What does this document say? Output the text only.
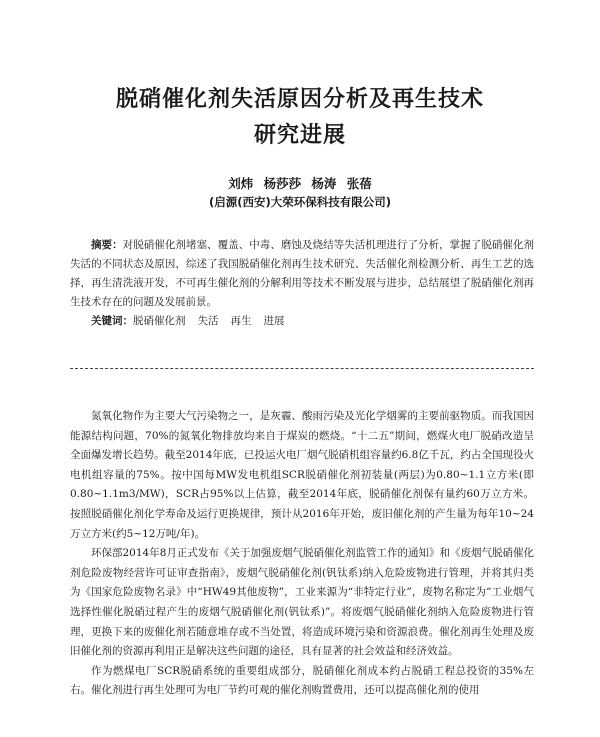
脱硝催化剂失活原因分析及再生技术
研究进展
刘炜 杨莎莎 杨涛 张蓓
(启源(西安)大荣环保科技有限公司)
摘要：对脱硝催化剂堵塞、覆盖、中毒、磨蚀及烧结等失活机理进行了分析，掌握了脱硝催化剂失活的不同状态及原因，综述了我国脱硝催化剂再生技术研究、失活催化剂检测分析、再生工艺的选择，再生清洗液开发，不可再生催化剂的分解利用等技术不断发展与进步，总结展望了脱硝催化剂再生技术存在的问题及发展前景。
关键词：脱硝催化剂 失活 再生 进展

氮氧化物作为主要大气污染物之一，是灰霾、酸雨污染及光化学烟雾的主要前驱物质。而我国因能源结构问题，70%的氮氧化物排放均来自于煤炭的燃烧。“十二五”期间，燃煤火电厂脱硝改造呈全面爆发增长趋势。截至2014年底，已投运火电厂烟气脱硝机组容量约6.8亿千瓦，约占全国现役火电机组容量的75%。按中国每MW发电机组SCR脱硝催化剂初装量(两层)为0.80~1.1立方米(即0.80~1.1m3/MW)，SCR占95%以上估算，截至2014年底，脱硝催化剂保有量约60万立方米。按照脱硝催化剂化学寿命及运行更换规律，预计从2016年开始，废旧催化剂的产生量为每年10~24万立方米(约5~12万吨/年)。

环保部2014年8月正式发布《关于加强废烟气脱硝催化剂监管工作的通知》和《废烟气脱硝催化剂危险废物经营许可证审查指南》，废烟气脱硝催化剂(钒钛系)纳入危险废物进行管理，并将其归类为《国家危险废物名录》中“HW49其他废物”，工业来源为“非特定行业”，废物名称定为“工业烟气选择性催化脱硝过程产生的废烟气脱硝催化剂(钒钛系)”。将废烟气脱硝催化剂纳入危险废物进行管理，更换下来的废催化剂若随意堆存或不当处置，将造成环境污染和资源浪费。催化剂再生处理及废旧催化剂的资源再利用正是解决这些问题的途径，具有显著的社会效益和经济效益。

作为燃煤电厂SCR脱硝系统的重要组成部分，脱硝催化剂成本约占脱硝工程总投资的35%左右。催化剂进行再生处理可为电厂节约可观的催化剂购置费用，还可以提高催化剂的使用
